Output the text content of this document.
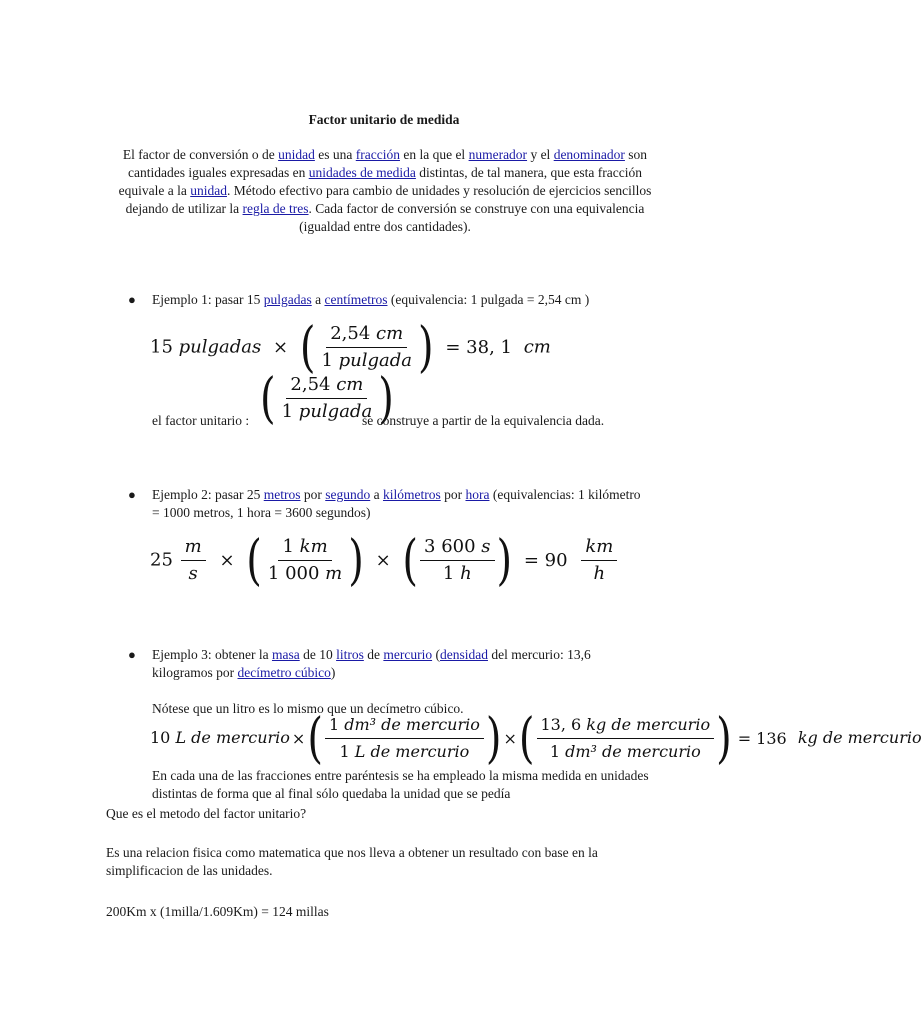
Factor unitario de medida
El factor de conversión o de unidad es una fracción en la que el numerador y el denominador son cantidades iguales expresadas en unidades de medida distintas, de tal manera, que esta fracción equivale a la unidad. Método efectivo para cambio de unidades y resolución de ejercicios sencillos dejando de utilizar la regla de tres. Cada factor de conversión se construye con una equivalencia (igualdad entre dos cantidades).
● Ejemplo 1: pasar 15 pulgadas a centímetros (equivalencia: 1 pulgada = 2,54 cm )
15 pulgadas × ( $\frac{2,54 cm}{\text{1 pulgada}}$ ) = 38, 1 cm
el factor unitario : ( $\frac{2,54 cm}{\text{1 pulgada}}$ )
se construye a partir de la equivalencia dada.
● Ejemplo 2: pasar 25 metros por segundo a kilómetros por hora (equivalencias: 1 kilómetro = 1000 metros, 1 hora = 3600 segundos)
$25 \frac{m}{s}$ × ( $\frac{1 km}{1 000 m}$ ) × ( $\frac{3 600 s}{1 h}$ ) = $90 \frac{km}{h}$
● Ejemplo 3: obtener la masa de 10 litros de mercurio (densidad del mercurio: 13,6 kilogramos por decímetro cúbico)
Nótese que un litro es lo mismo que un decímetro cúbico.
10 L de mercurio ×( $\frac{\text{1 dm³ de mercurio}}{\text{1 L de mercurio}}$ ) ×( $\frac{\text{13, 6 kg de mercurio}}{\text{1 dm³ de mercurio}}$ ) = 136 kg de mercurio
En cada una de las fracciones entre paréntesis se ha empleado la misma medida en unidades distintas de forma que al final sólo quedaba la unidad que se pedía
Que es el metodo del factor unitario?
Es una relacion fisica como matematica que nos lleva a obtener un resultado con base en la simplificacion de las unidades.
200Km x (1milla/1.609Km) = 124 millas
